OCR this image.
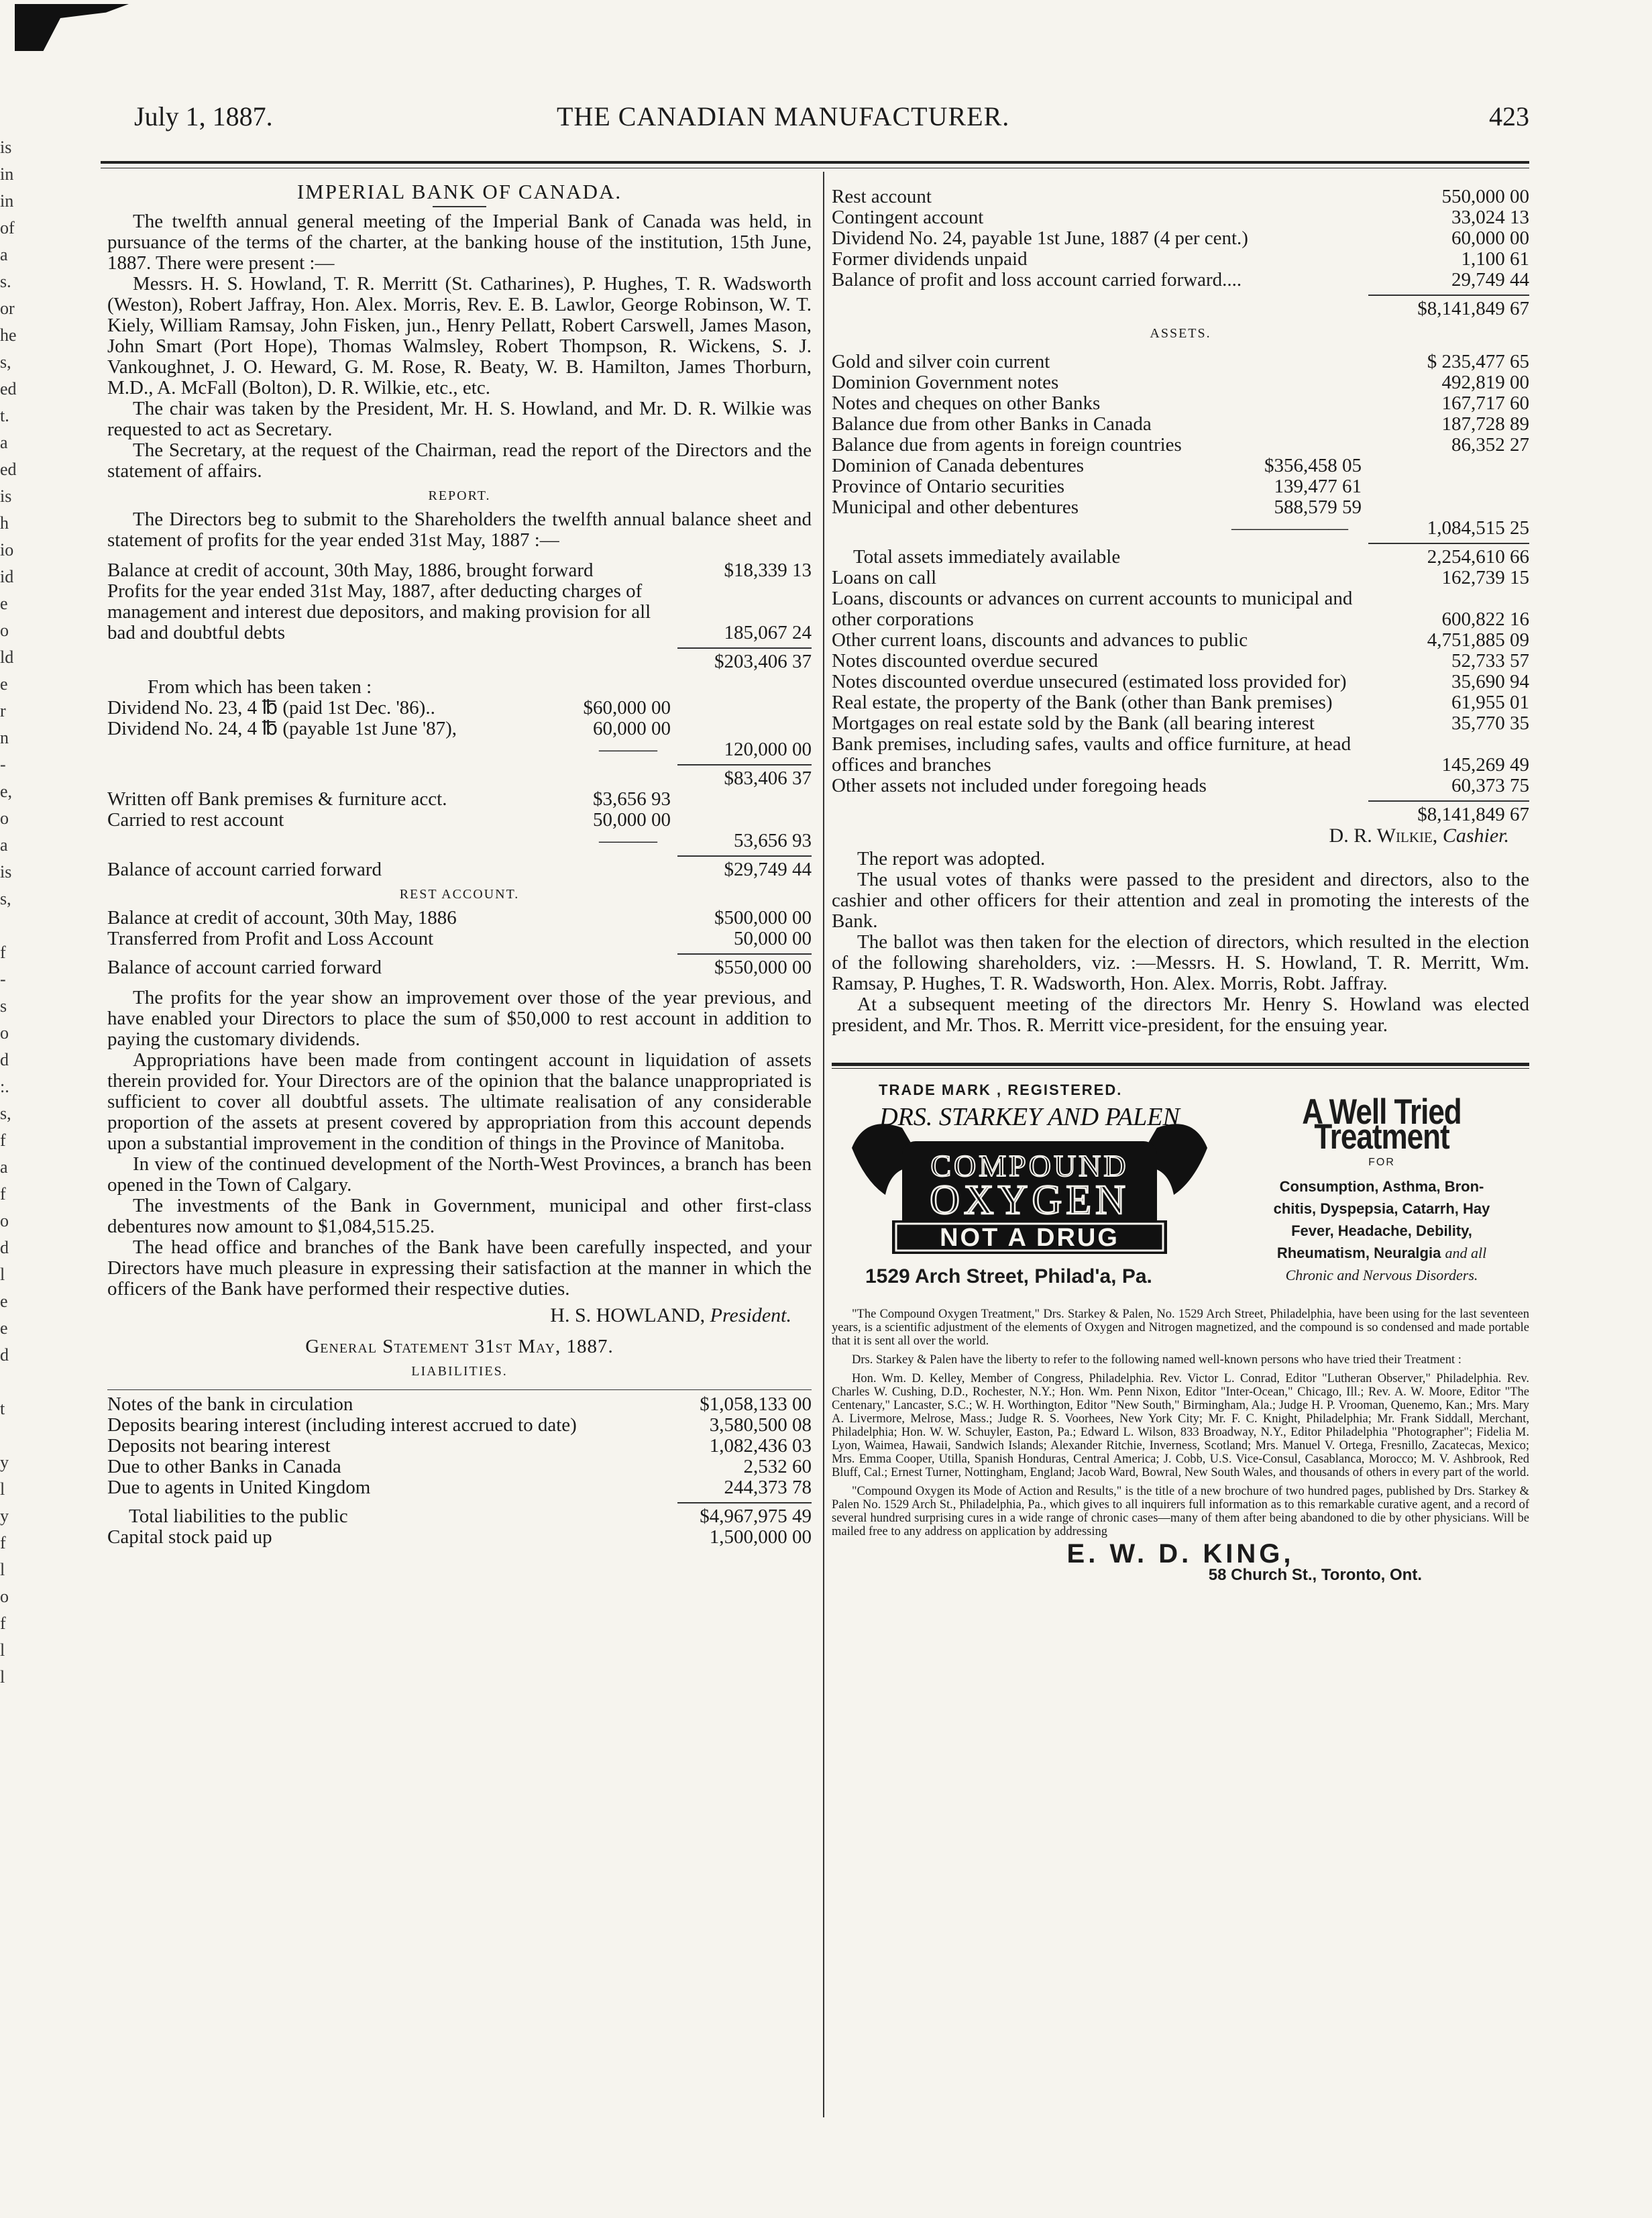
is
in
in
of
a
s.
or
he
s,
ed
t.
a
ed
is
h
io
id
e
o
ld
e
r
n
-
e,
o
a
is
s,

f
-
s
o
d
:.
s,
f
a
f
o
d
l
e
e
d

t

y
l
y
f
l
o
f
l
l
July 1, 1887.	THE CANADIAN MANUFACTURER.	423
IMPERIAL BANK OF CANADA.

The twelfth annual general meeting of the Imperial Bank of Canada was held, in pursuance of the terms of the charter, at the banking house of the institution, 15th June, 1887. There were present :—

Messrs. H. S. Howland, T. R. Merritt (St. Catharines), P. Hughes, T. R. Wadsworth (Weston), Robert Jaffray, Hon. Alex. Morris, Rev. E. B. Lawlor, George Robinson, W. T. Kiely, William Ramsay, John Fisken, jun., Henry Pellatt, Robert Carswell, James Mason, John Smart (Port Hope), Thomas Walmsley, Robert Thompson, R. Wickens, S. J. Vankoughnet, J. O. Heward, G. M. Rose, R. Beaty, W. B. Hamilton, James Thorburn, M.D., A. McFall (Bolton), D. R. Wilkie, etc., etc.

The chair was taken by the President, Mr. H. S. Howland, and Mr. D. R. Wilkie was requested to act as Secretary.

The Secretary, at the request of the Chairman, read the report of the Directors and the statement of affairs.

REPORT.

The Directors beg to submit to the Shareholders the twelfth annual balance sheet and statement of profits for the year ended 31st May, 1887 :—

Balance at credit of account, 30th May, 1886, brought forward	$18,339 13
Profits for the year ended 31st May, 1887, after deducting charges of management and interest due depositors, and making provision for all bad and doubtful debts	185,067 24
$203,406 37
From which has been taken :
Dividend No. 23, 4 ℔ (paid 1st Dec. '86)..	$60,000 00
Dividend No. 24, 4 ℔ (payable 1st June '87),	60,000 00
———	120,000 00
$83,406 37
Written off Bank premises & furniture acct.	$3,656 93
Carried to rest account	50,000 00
———	53,656 93
Balance of account carried forward	$29,749 44
REST ACCOUNT.
Balance at credit of account, 30th May, 1886	$500,000 00
Transferred from Profit and Loss Account	50,000 00
Balance of account carried forward	$550,000 00

The profits for the year show an improvement over those of the year previous, and have enabled your Directors to place the sum of $50,000 to rest account in addition to paying the customary dividends.

Appropriations have been made from contingent account in liquidation of assets therein provided for. Your Directors are of the opinion that the balance unappropriated is sufficient to cover all doubtful assets. The ultimate realisation of any considerable proportion of the assets at present covered by appropriation from this account depends upon a substantial improvement in the condition of things in the Province of Manitoba.

In view of the continued development of the North-West Provinces, a branch has been opened in the Town of Calgary.

The investments of the Bank in Government, municipal and other first-class debentures now amount to $1,084,515.25.

The head office and branches of the Bank have been carefully inspected, and your Directors have much pleasure in expressing their satisfaction at the manner in which the officers of the Bank have performed their respective duties.

H. S. HOWLAND, President.
General Statement 31st May, 1887.
LIABILITIES.
Notes of the bank in circulation	$1,058,133 00
Deposits bearing interest (including interest accrued to date)	3,580,500 08
Deposits not bearing interest	1,082,436 03
Due to other Banks in Canada	2,532 60
Due to agents in United Kingdom	244,373 78
Total liabilities to the public	$4,967,975 49
Capital stock paid up	1,500,000 00
Rest account	550,000 00
Contingent account	33,024 13
Dividend No. 24, payable 1st June, 1887 (4 per cent.)	60,000 00
Former dividends unpaid	1,100 61
Balance of profit and loss account carried forward....	29,749 44
$8,141,849 67
ASSETS.
Gold and silver coin current	$ 235,477 65
Dominion Government notes	492,819 00
Notes and cheques on other Banks	167,717 60
Balance due from other Banks in Canada	187,728 89
Balance due from agents in foreign countries	86,352 27
Dominion of Canada debentures	$356,458 05
Province of Ontario securities	139,477 61
Municipal and other debentures	588,579 59
——————	1,084,515 25
Total assets immediately available	2,254,610 66
Loans on call	162,739 15
Loans, discounts or advances on current accounts to municipal and other corporations	600,822 16
Other current loans, discounts and advances to public	4,751,885 09
Notes discounted overdue secured	52,733 57
Notes discounted overdue unsecured (estimated loss provided for)	35,690 94
Real estate, the property of the Bank (other than Bank premises)	61,955 01
Mortgages on real estate sold by the Bank (all bearing interest	35,770 35
Bank premises, including safes, vaults and office furniture, at head offices and branches	145,269 49
Other assets not included under foregoing heads	60,373 75
$8,141,849 67
D. R. Wilkie, Cashier.

The report was adopted.

The usual votes of thanks were passed to the president and directors, also to the cashier and other officers for their attention and zeal in promoting the interests of the Bank.

The ballot was then taken for the election of directors, which resulted in the election of the following shareholders, viz. :—Messrs. H. S. Howland, T. R. Merritt, Wm. Ramsay, P. Hughes, T. R. Wadsworth, Hon. Alex. Morris, Robt. Jaffray.

At a subsequent meeting of the directors Mr. Henry S. Howland was elected president, and Mr. Thos. R. Merritt vice-president, for the ensuing year.

TRADE MARK , REGISTERED.
DRS. STARKEY AND PALEN
COMPOUND
OXYGEN
NOT A DRUG
1529 Arch Street, Philad'a, Pa.
A Well Tried Treatment
FOR
Consumption, Asthma, Bron-
chitis, Dyspepsia, Catarrh, Hay
Fever, Headache, Debility,
Rheumatism, Neuralgia and all
Chronic and Nervous Disorders.

"The Compound Oxygen Treatment," Drs. Starkey & Palen, No. 1529 Arch Street, Philadelphia, have been using for the last seventeen years, is a scientific adjustment of the elements of Oxygen and Nitrogen magnetized, and the compound is so condensed and made portable that it is sent all over the world.

Drs. Starkey & Palen have the liberty to refer to the following named well-known persons who have tried their Treatment :

Hon. Wm. D. Kelley, Member of Congress, Philadelphia. Rev. Victor L. Conrad, Editor "Lutheran Observer," Philadelphia. Rev. Charles W. Cushing, D.D., Rochester, N.Y.; Hon. Wm. Penn Nixon, Editor "Inter-Ocean," Chicago, Ill.; Rev. A. W. Moore, Editor "The Centenary," Lancaster, S.C.; W. H. Worthington, Editor "New South," Birmingham, Ala.; Judge H. P. Vrooman, Quenemo, Kan.; Mrs. Mary A. Livermore, Melrose, Mass.; Judge R. S. Voorhees, New York City; Mr. F. C. Knight, Philadelphia; Mr. Frank Siddall, Merchant, Philadelphia; Hon. W. W. Schuyler, Easton, Pa.; Edward L. Wilson, 833 Broadway, N.Y., Editor Philadelphia "Photographer"; Fidelia M. Lyon, Waimea, Hawaii, Sandwich Islands; Alexander Ritchie, Inverness, Scotland; Mrs. Manuel V. Ortega, Fresnillo, Zacatecas, Mexico; Mrs. Emma Cooper, Utilla, Spanish Honduras, Central America; J. Cobb, U.S. Vice-Consul, Casablanca, Morocco; M. V. Ashbrook, Red Bluff, Cal.; Ernest Turner, Nottingham, England; Jacob Ward, Bowral, New South Wales, and thousands of others in every part of the world.

"Compound Oxygen its Mode of Action and Results," is the title of a new brochure of two hundred pages, published by Drs. Starkey & Palen No. 1529 Arch St., Philadelphia, Pa., which gives to all inquirers full information as to this remarkable curative agent, and a record of several hundred surprising cures in a wide range of chronic cases—many of them after being abandoned to die by other physicians. Will be mailed free to any address on application by addressing

E. W. D. KING,
58 Church St., Toronto, Ont.
